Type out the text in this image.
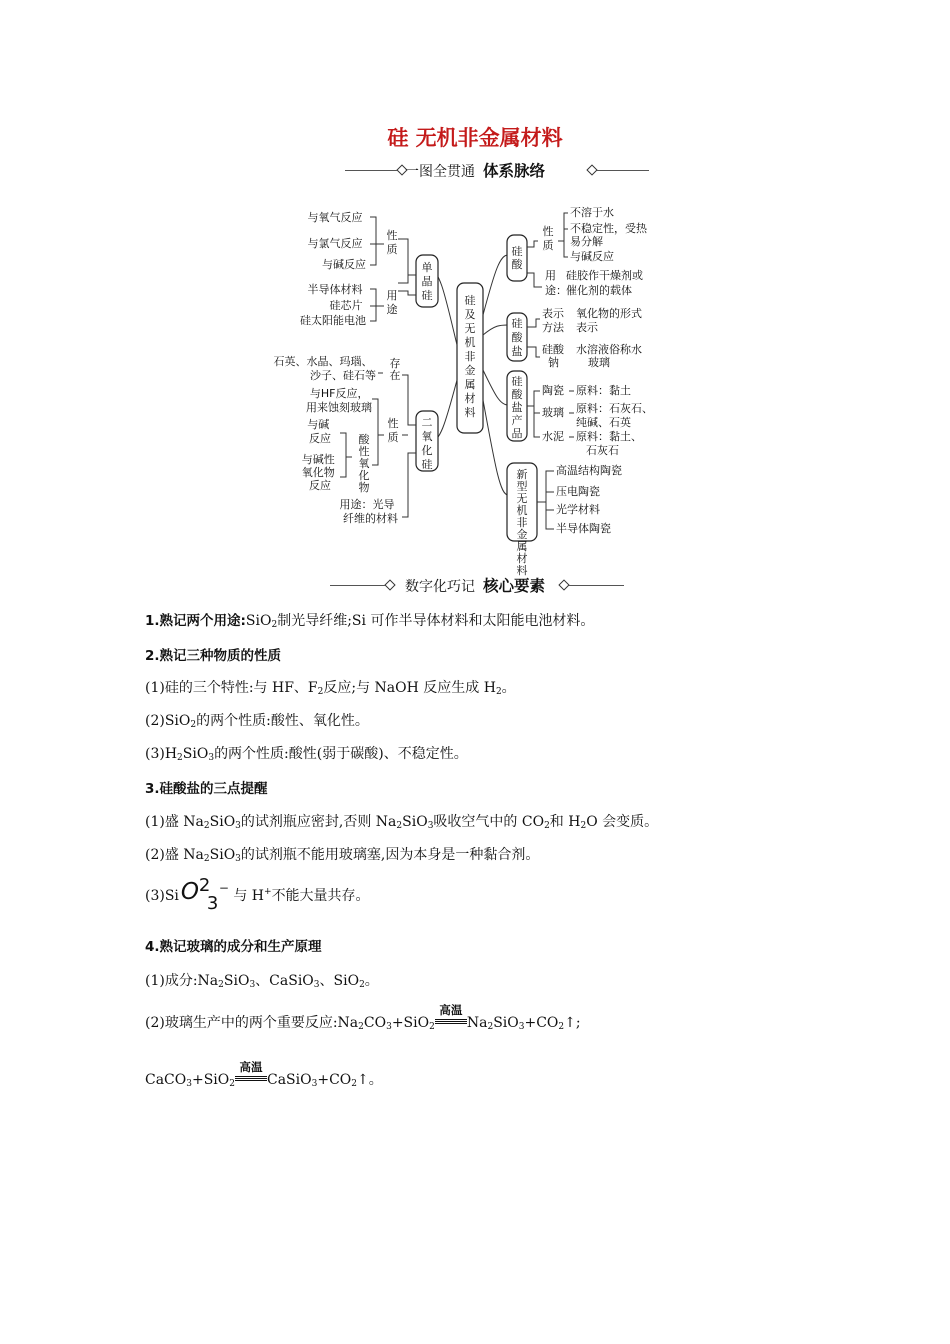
硅 无机非金属材料
一图全贯通 体系脉络
硅及无机非金属材料
单晶硅
二氧化硅
硅酸
硅酸盐
硅酸盐产品
新型无机非金属材料
性质
与氧气反应 与氯气反应 与碱反应
用途
半导体材料 硅芯片 硅太阳能电池
存在
石英、水晶、玛瑙、 沙子、硅石等
性质
与HF反应， 用来蚀刻玻璃
酸性氧化物
与碱 反应
与碱性 氧化物 反应
用途：光导 纤维的材料
性质
不溶于水 不稳定性，受热 易分解 与碱反应
用 途：
硅胶作干燥剂或 催化剂的载体
表示 方法
氧化物的形式 表示
硅酸 钠
水溶液俗称水 玻璃
陶瓷 原料：黏土
玻璃 原料：石灰石、 纯碱、石英
水泥 原料：黏土、 石灰石
高温结构陶瓷 压电陶瓷 光学材料 半导体陶瓷
数字化巧记 核心要素
1.熟记两个用途:SiO$_2$制光导纤维;Si 可作半导体材料和太阳能电池材料。
2.熟记三种物质的性质
(1)硅的三个特性:与 HF、$F_2$反应;与 NaOH 反应生成 $H_2$。
(2)SiO$_2$的两个性质:酸性、氧化性。
$(3)H_2SiO_3$的两个性质:酸性(弱于碳酸)、不稳定性。
3.硅酸盐的三点提醒
(1)盛 $Na_2SiO_3$的试剂瓶应密封,否则 $Na_2SiO_3$吸收空气中的 $CO_2$和 $H_2O$ 会变质。
(2)盛 $Na_2SiO_3$的试剂瓶不能用玻璃塞,因为本身是一种黏合剂。
(3)Si O 2
3
− 与 H+不能大量共存。
4.熟记玻璃的成分和生产原理
(1)成分$:Na_2SiO_3$、CaSiO$_3$、SiO$_2$。
(2)玻璃生产中的两个重要反应$:Na_2CO_3+SiO_2$
高温
$Na_2SiO_3+CO_2↑$;
CaCO$_3$+SiO$_2$
高温
$CaSiO_3+CO_2↑$。
